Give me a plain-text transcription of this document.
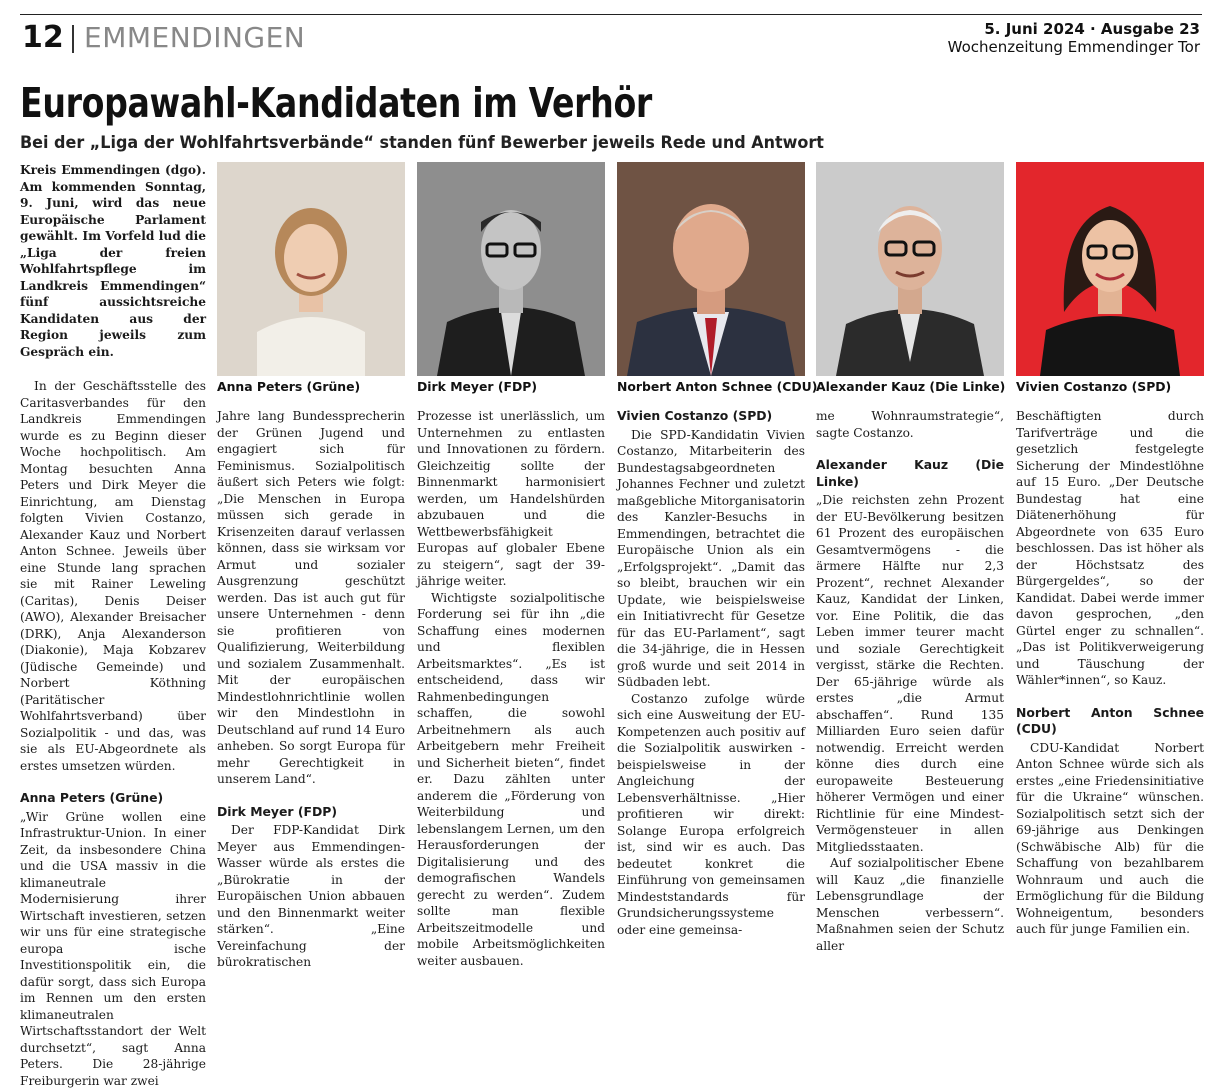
12 EMMENDINGEN	5. Juni 2024 · Ausgabe 23
Wochenzeitung Emmendinger Tor
Europawahl-Kandidaten im Verhör
Bei der „Liga der Wohlfahrtsverbände“ standen fünf Bewerber jeweils Rede und Antwort

Kreis Emmendingen (dgo). Am kommenden Sonntag, 9. Juni, wird das neue Europäische Parlament gewählt. Im Vorfeld lud die „Liga der freien Wohlfahrtspflege im Landkreis Emmendingen“ fünf aussichtsreiche Kandidaten aus der Region jeweils zum Gespräch ein.

In der Geschäftsstelle des Caritasverbandes für den Landkreis Emmendingen wurde es zu Beginn dieser Woche hochpolitisch. Am Montag besuchten Anna Peters und Dirk Meyer die Einrichtung, am Dienstag folgten Vivien Costanzo, Alexander Kauz und Norbert Anton Schnee. Jeweils über eine Stunde lang sprachen sie mit Rainer Leweling (Caritas), Denis Deiser (AWO), Alexander Breisacher (DRK), Anja Alexanderson (Diakonie), Maja Kobzarev (Jüdische Gemeinde) und Norbert Köthning (Paritätischer Wohlfahrtsverband) über Sozialpolitik - und das, was sie als EU-Abgeordnete als erstes umsetzen würden.

Anna Peters (Grüne)

„Wir Grüne wollen eine Infrastruktur-Union. In einer Zeit, da insbesondere China und die USA massiv in die klimaneutrale Modernisierung ihrer Wirtschaft investieren, setzen wir uns für eine strategische europa ische Investitionspolitik ein, die dafür sorgt, dass sich Europa im Rennen um den ersten klimaneutralen Wirtschaftsstandort der Welt durchsetzt“, sagt Anna Peters. Die 28-jährige Freiburgerin war zwei

Anna Peters (Grüne)	Dirk Meyer (FDP)	Norbert Anton Schnee (CDU)
Alexander Kauz (Die Linke) Vivien Costanzo (SPD)

Jahre lang Bundessprecherin der Grünen Jugend und engagiert sich für Feminismus. Sozialpolitisch äußert sich Peters wie folgt: „Die Menschen in Europa müssen sich gerade in Krisenzeiten darauf verlassen können, dass sie wirksam vor Armut und sozialer Ausgrenzung geschützt werden. Das ist auch gut für unsere Unternehmen - denn sie profitieren von Qualifizierung, Weiterbildung und sozialem Zusammenhalt. Mit der europäischen Mindestlohnrichtlinie wollen wir den Mindestlohn in Deutschland auf rund 14 Euro anheben. So sorgt Europa für mehr Gerechtigkeit in unserem Land“.

Dirk Meyer (FDP)

Der FDP-Kandidat Dirk Meyer aus Emmendingen-Wasser würde als erstes die „Bürokratie in der Europäischen Union abbauen und den Binnenmarkt weiter stärken“. „Eine Vereinfachung der bürokratischen

Prozesse ist unerlässlich, um Unternehmen zu entlasten und Innovationen zu fördern. Gleichzeitig sollte der Binnenmarkt harmonisiert werden, um Handelshürden abzubauen und die Wettbewerbsfähigkeit Europas auf globaler Ebene zu steigern“, sagt der 39-jährige weiter.

Wichtigste sozialpolitische Forderung sei für ihn „die Schaffung eines modernen und flexiblen Arbeitsmarktes“. „Es ist entscheidend, dass wir Rahmenbedingungen schaffen, die sowohl Arbeitnehmern als auch Arbeitgebern mehr Freiheit und Sicherheit bieten“, findet er. Dazu zählten unter anderem die „Förderung von Weiterbildung und lebenslangem Lernen, um den Herausforderungen der Digitalisierung und des demografischen Wandels gerecht zu werden“. Zudem sollte man flexible Arbeitszeitmodelle und mobile Arbeitsmöglichkeiten weiter ausbauen.

Vivien Costanzo (SPD)

Die SPD-Kandidatin Vivien Costanzo, Mitarbeiterin des Bundestagsabgeordneten Johannes Fechner und zuletzt maßgebliche Mitorganisatorin des Kanzler-Besuchs in Emmendingen, betrachtet die Europäische Union als ein „Erfolgsprojekt“. „Damit das so bleibt, brauchen wir ein Update, wie beispielsweise ein Initiativrecht für Gesetze für das EU-Parlament“, sagt die 34-jährige, die in Hessen groß wurde und seit 2014 in Südbaden lebt.

Costanzo zufolge würde sich eine Ausweitung der EU-Kompetenzen auch positiv auf die Sozialpolitik auswirken - beispielsweise in der Angleichung der Lebensverhältnisse. „Hier profitieren wir direkt: Solange Europa erfolgreich ist, sind wir es auch. Das bedeutet konkret die Einführung von gemeinsamen Mindeststandards für Grundsicherungssysteme oder eine gemeinsa-

me Wohnraumstrategie“, sagte Costanzo.

Alexander Kauz (Die Linke)

„Die reichsten zehn Prozent der EU-Bevölkerung besitzen 61 Prozent des europäischen Gesamtvermögens - die ärmere Hälfte nur 2,3 Prozent“, rechnet Alexander Kauz, Kandidat der Linken, vor. Eine Politik, die das Leben immer teurer macht und soziale Gerechtigkeit vergisst, stärke die Rechten. Der 65-jährige würde als erstes „die Armut abschaffen“. Rund 135 Milliarden Euro seien dafür notwendig. Erreicht werden könne dies durch eine europaweite Besteuerung höherer Vermögen und einer Richtlinie für eine Mindest-Vermögensteuer in allen Mitgliedsstaaten.

Auf sozialpolitischer Ebene will Kauz „die finanzielle Lebensgrundlage der Menschen verbessern“. Maßnahmen seien der Schutz aller

Beschäftigten durch Tarifverträge und die gesetzlich festgelegte Sicherung der Mindestlöhne auf 15 Euro. „Der Deutsche Bundestag hat eine Diätenerhöhung für Abgeordnete von 635 Euro beschlossen. Das ist höher als der Höchstsatz des Bürgergeldes“, so der Kandidat. Dabei werde immer davon gesprochen, „den Gürtel enger zu schnallen“. „Das ist Politikverweigerung und Täuschung der Wähler*innen“, so Kauz.

Norbert Anton Schnee (CDU)

CDU-Kandidat Norbert Anton Schnee würde sich als erstes „eine Friedensinitiative für die Ukraine“ wünschen. Sozialpolitisch setzt sich der 69-jährige aus Denkingen (Schwäbische Alb) für die Schaffung von bezahlbarem Wohnraum und auch die Ermöglichung für die Bildung Wohneigentum, besonders auch für junge Familien ein.
